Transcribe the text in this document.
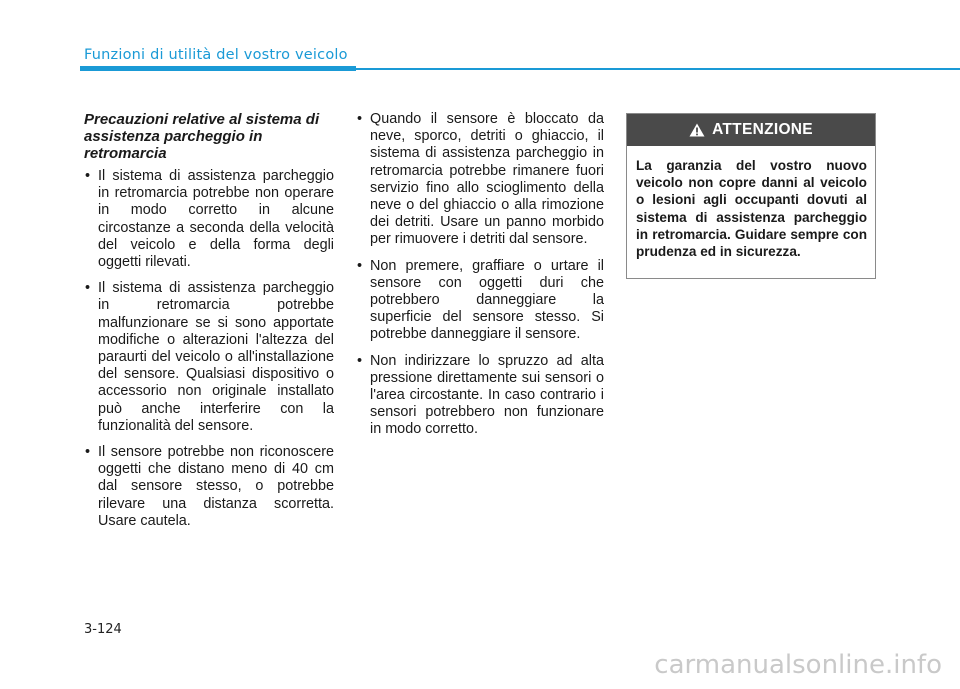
Funzioni di utilità del vostro veicolo
Precauzioni relative al sistema di assistenza parcheggio in retromarcia
• Il sistema di assistenza parcheggio in retromarcia potrebbe non operare in modo corretto in alcune circostanze a seconda della velocità del veicolo e della forma degli oggetti rilevati.
• Il sistema di assistenza parcheggio in retromarcia potrebbe malfunzionare se si sono apportate modifiche o alterazioni l'altezza del paraurti del veicolo o all'installazione del sensore. Qualsiasi dispositivo o accessorio non originale installato può anche interferire con la funzionalità del sensore.
• Il sensore potrebbe non riconoscere oggetti che distano meno di 40 cm dal sensore stesso, o potrebbe rilevare una distanza scorretta. Usare cautela.
• Quando il sensore è bloccato da neve, sporco, detriti o ghiaccio, il sistema di assistenza parcheggio in retromarcia potrebbe rimanere fuori servizio fino allo scioglimento della neve o del ghiaccio o alla rimozione dei detriti. Usare un panno morbido per rimuovere i detriti dal sensore.
• Non premere, graffiare o urtare il sensore con oggetti duri che potrebbero danneggiare la superficie del sensore stesso. Si potrebbe danneggiare il sensore.
• Non indirizzare lo spruzzo ad alta pressione direttamente sui sensori o l'area circostante. In caso contrario i sensori potrebbero non funzionare in modo corretto.
ATTENZIONE
La garanzia del vostro nuovo veicolo non copre danni al veicolo o lesioni agli occupanti dovuti al sistema di assistenza parcheggio in retromarcia. Guidare sempre con prudenza ed in sicurezza.
3-124
carmanualsonline.info
